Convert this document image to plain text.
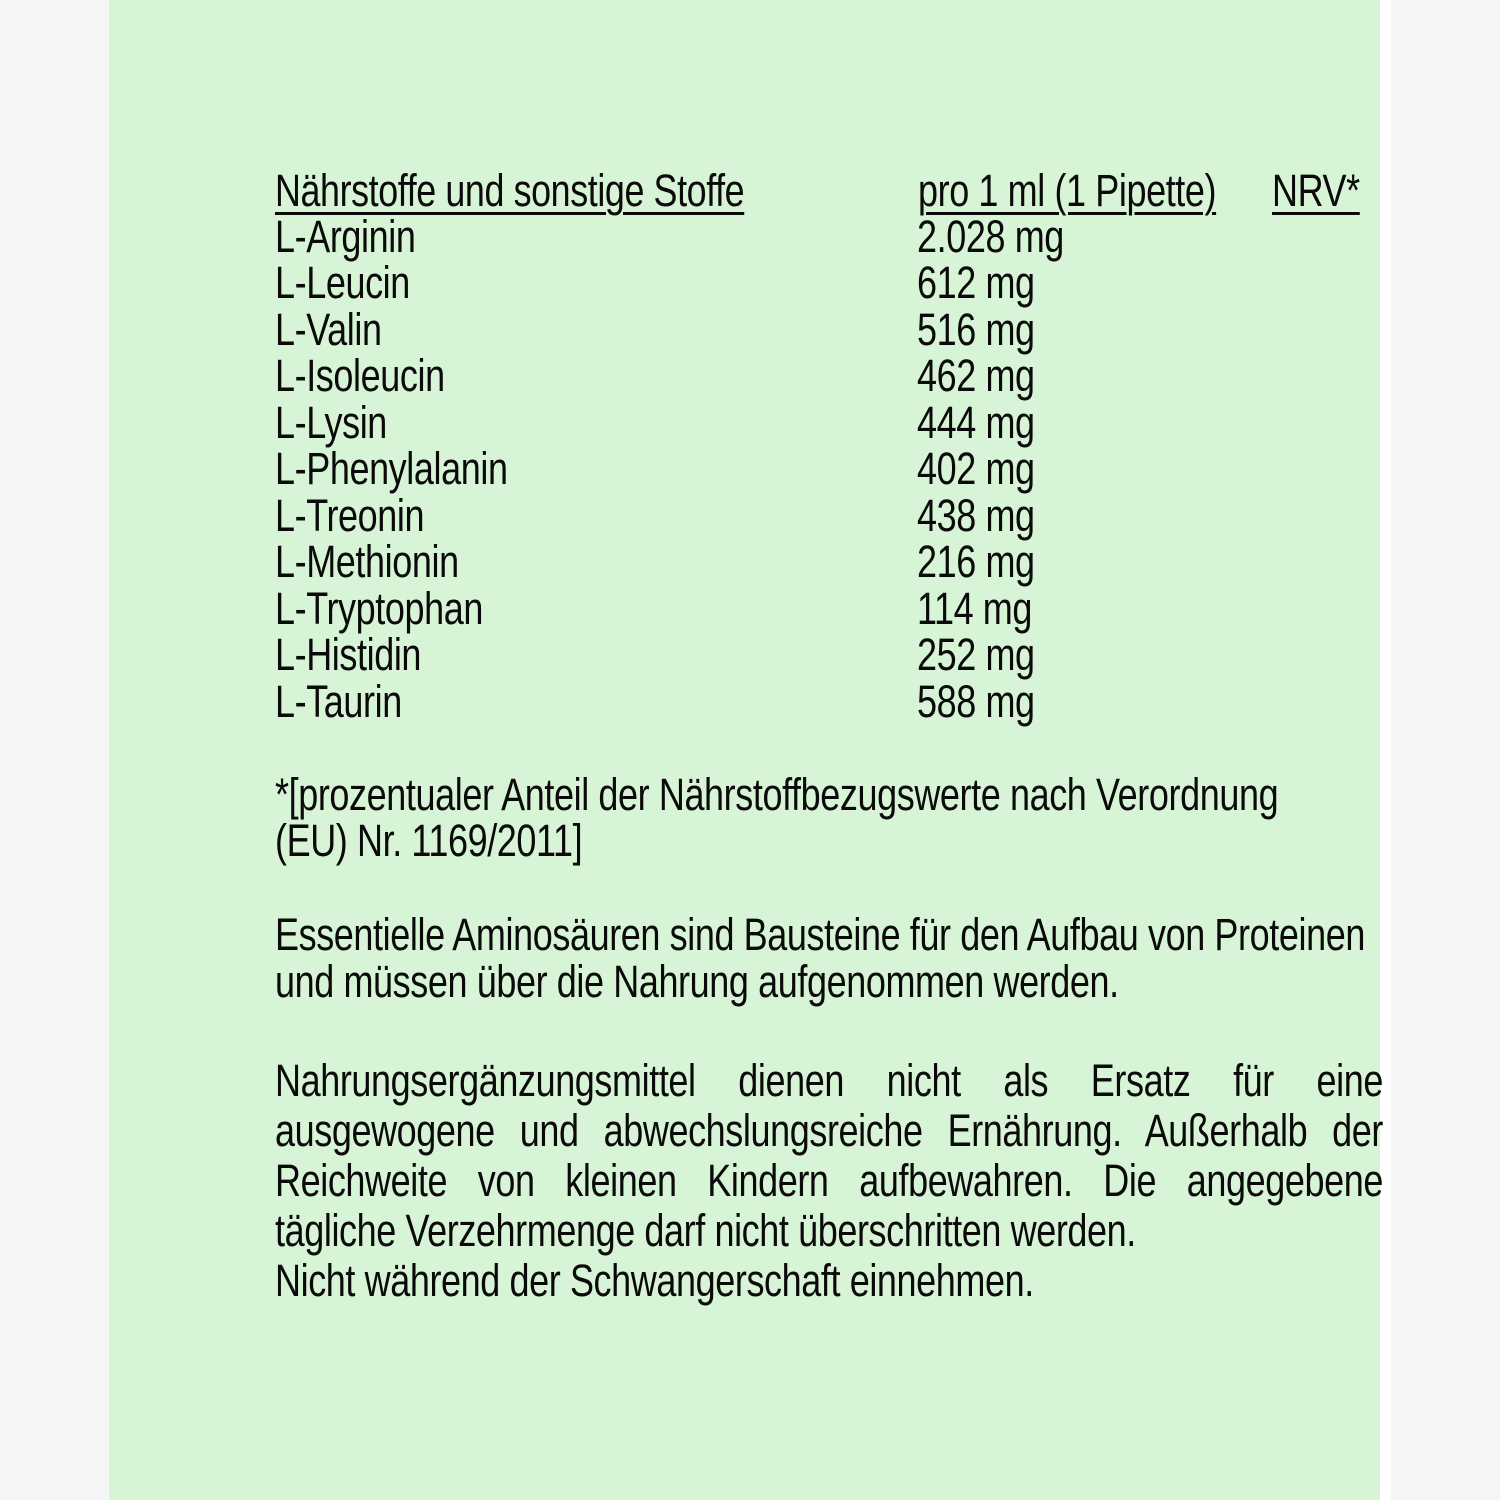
Nährstoffe und sonstige Stoffe	pro 1 ml (1 Pipette) NRV*
L-Arginin	2.028 mg
L-Leucin	612 mg
L-Valin	516 mg
L-Isoleucin	462 mg
L-Lysin	444 mg
L-Phenylalanin	402 mg
L-Treonin	438 mg
L-Methionin	216 mg
L-Tryptophan	114 mg
L-Histidin	252 mg
L-Taurin	588 mg
*[prozentualer Anteil der Nährstoffbezugswerte nach Verordnung
(EU) Nr. 1169/2011]
Essentielle Aminosäuren sind Bausteine für den Aufbau von Proteinen
und müssen über die Nahrung aufgenommen werden.
Nahrungsergänzungsmittel dienen nicht als Ersatz für eine
ausgewogene und abwechslungsreiche Ernährung. Außerhalb der
Reichweite von kleinen Kindern aufbewahren. Die angegebene
tägliche Verzehrmenge darf nicht überschritten werden.
Nicht während der Schwangerschaft einnehmen.
